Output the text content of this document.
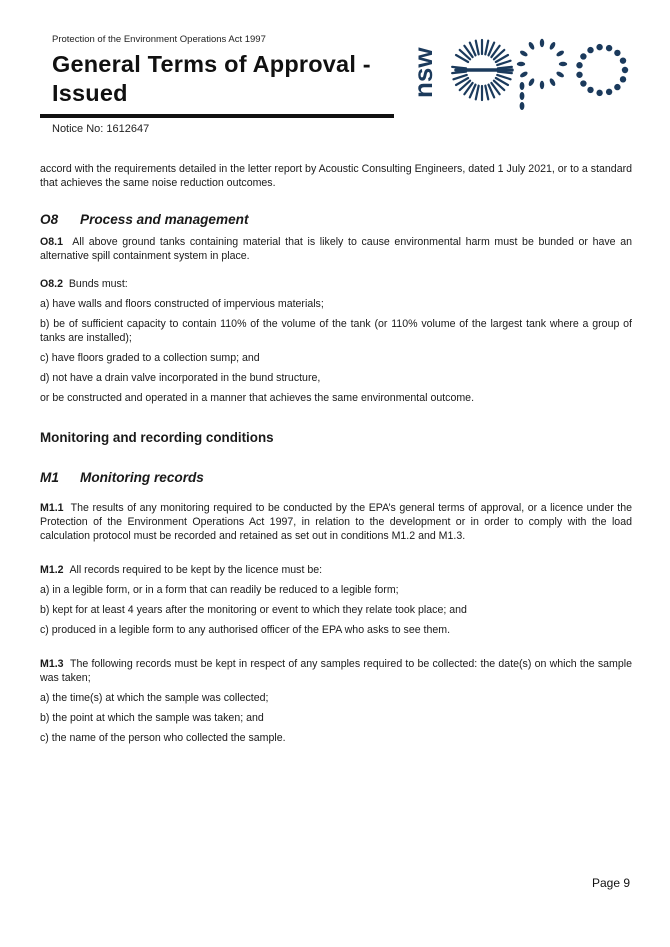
Protection of the Environment Operations Act 1997
General Terms of Approval - Issued
Notice No: 1612647
nsw

accord with the requirements detailed in the letter report by Acoustic Consulting Engineers, dated 1 July 2021, or to a standard that achieves the same noise reduction outcomes.

O8 Process and management

O8.1 All above ground tanks containing material that is likely to cause environmental harm must be bunded or have an alternative spill containment system in place.

O8.2 Bunds must:

a) have walls and floors constructed of impervious materials;

b) be of sufficient capacity to contain 110% of the volume of the tank (or 110% volume of the largest tank where a group of tanks are installed);

c) have floors graded to a collection sump; and

d) not have a drain valve incorporated in the bund structure,

or be constructed and operated in a manner that achieves the same environmental outcome.

Monitoring and recording conditions

M1 Monitoring records

M1.1 The results of any monitoring required to be conducted by the EPA’s general terms of approval, or a licence under the Protection of the Environment Operations Act 1997, in relation to the development or in order to comply with the load calculation protocol must be recorded and retained as set out in conditions M1.2 and M1.3.

M1.2 All records required to be kept by the licence must be:

a) in a legible form, or in a form that can readily be reduced to a legible form;

b) kept for at least 4 years after the monitoring or event to which they relate took place; and

c) produced in a legible form to any authorised officer of the EPA who asks to see them.

M1.3 The following records must be kept in respect of any samples required to be collected: the date(s) on which the sample was taken;

a) the time(s) at which the sample was collected;

b) the point at which the sample was taken; and

c) the name of the person who collected the sample.

Page 9
